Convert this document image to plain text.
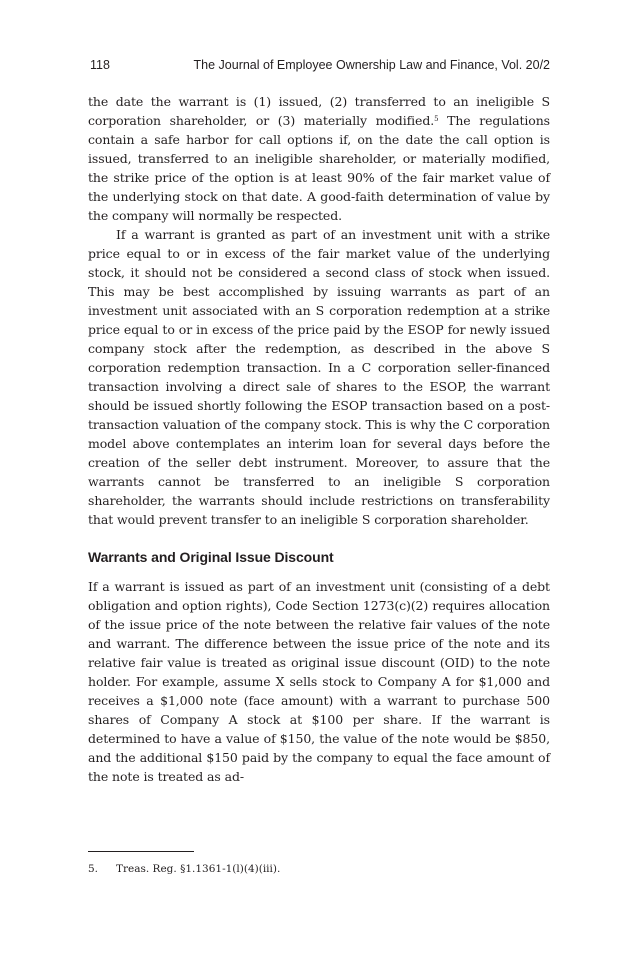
118	The Journal of Employee Ownership Law and Finance, Vol. 20/2

the date the warrant is (1) issued, (2) transferred to an ineligible S corporation shareholder, or (3) materially modified.$^5$ The regulations contain a safe harbor for call options if, on the date the call option is issued, transferred to an ineligible shareholder, or materially modified, the strike price of the option is at least 90% of the fair market value of the underlying stock on that date. A good-faith determination of value by the company will normally be respected.

If a warrant is granted as part of an investment unit with a strike price equal to or in excess of the fair market value of the underlying stock, it should not be considered a second class of stock when issued. This may be best accomplished by issuing warrants as part of an investment unit associated with an S corporation redemption at a strike price equal to or in excess of the price paid by the ESOP for newly issued company stock after the redemption, as described in the above S corporation redemption transaction. In a C corporation seller-financed transaction involving a direct sale of shares to the ESOP, the warrant should be issued shortly following the ESOP transaction based on a post-transaction valuation of the company stock. This is why the C corporation model above contemplates an interim loan for several days before the creation of the seller debt instrument. Moreover, to assure that the warrants cannot be transferred to an ineligible S corporation shareholder, the warrants should include restrictions on transferability that would prevent transfer to an ineligible S corporation shareholder.

Warrants and Original Issue Discount

If a warrant is issued as part of an investment unit (consisting of a debt obligation and option rights), Code Section 1273(c)(2) requires allocation of the issue price of the note between the relative fair values of the note and warrant. The difference between the issue price of the note and its relative fair value is treated as original issue discount (OID) to the note holder. For example, assume X sells stock to Company A for $1,000 and receives a $1,000 note (face amount) with a warrant to purchase 500 shares of Company A stock at $100 per share. If the warrant is determined to have a value of $150, the value of the note would be $850, and the additional $150 paid by the company to equal the face amount of the note is treated as ad-

5. Treas. Reg. §1.1361-1(l)(4)(iii).
